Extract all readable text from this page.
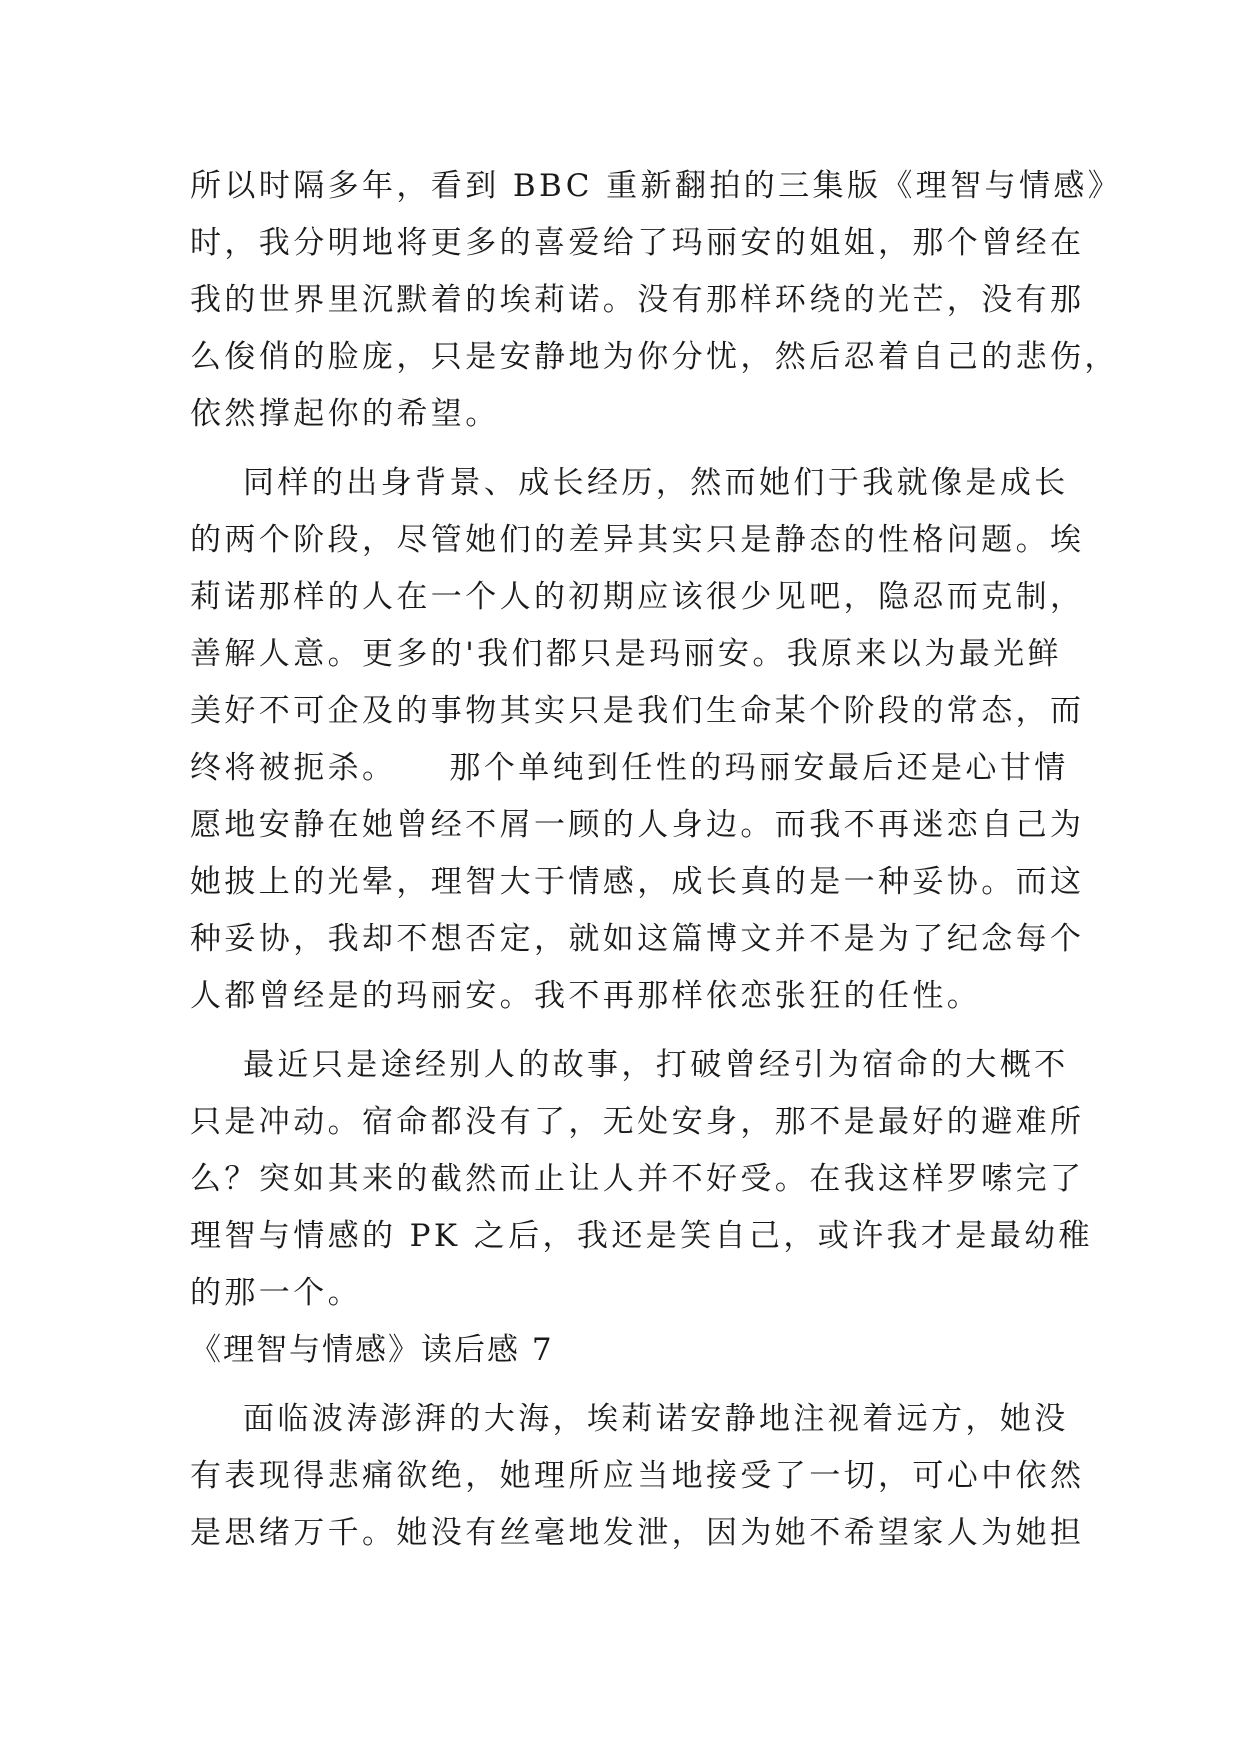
所以时隔多年，看到 BBC 重新翻拍的三集版《理智与情感》
时，我分明地将更多的喜爱给了玛丽安的姐姐，那个曾经在
我的世界里沉默着的埃莉诺。没有那样环绕的光芒，没有那
么俊俏的脸庞，只是安静地为你分忧，然后忍着自己的悲伤，
依然撑起你的希望。
同样的出身背景、成长经历，然而她们于我就像是成长
的两个阶段，尽管她们的差异其实只是静态的性格问题。埃
莉诺那样的人在一个人的初期应该很少见吧，隐忍而克制，
善解人意。更多的'我们都只是玛丽安。我原来以为最光鲜
美好不可企及的事物其实只是我们生命某个阶段的常态，而
终将被扼杀。    那个单纯到任性的玛丽安最后还是心甘情
愿地安静在她曾经不屑一顾的人身边。而我不再迷恋自己为
她披上的光晕，理智大于情感，成长真的是一种妥协。而这
种妥协，我却不想否定，就如这篇博文并不是为了纪念每个
人都曾经是的玛丽安。我不再那样依恋张狂的任性。
最近只是途经别人的故事，打破曾经引为宿命的大概不
只是冲动。宿命都没有了，无处安身，那不是最好的避难所
么？突如其来的截然而止让人并不好受。在我这样罗嗦完了
理智与情感的 PK 之后，我还是笑自己，或许我才是最幼稚
的那一个。
《理智与情感》读后感 7
面临波涛澎湃的大海，埃莉诺安静地注视着远方，她没
有表现得悲痛欲绝，她理所应当地接受了一切，可心中依然
是思绪万千。她没有丝毫地发泄，因为她不希望家人为她担
